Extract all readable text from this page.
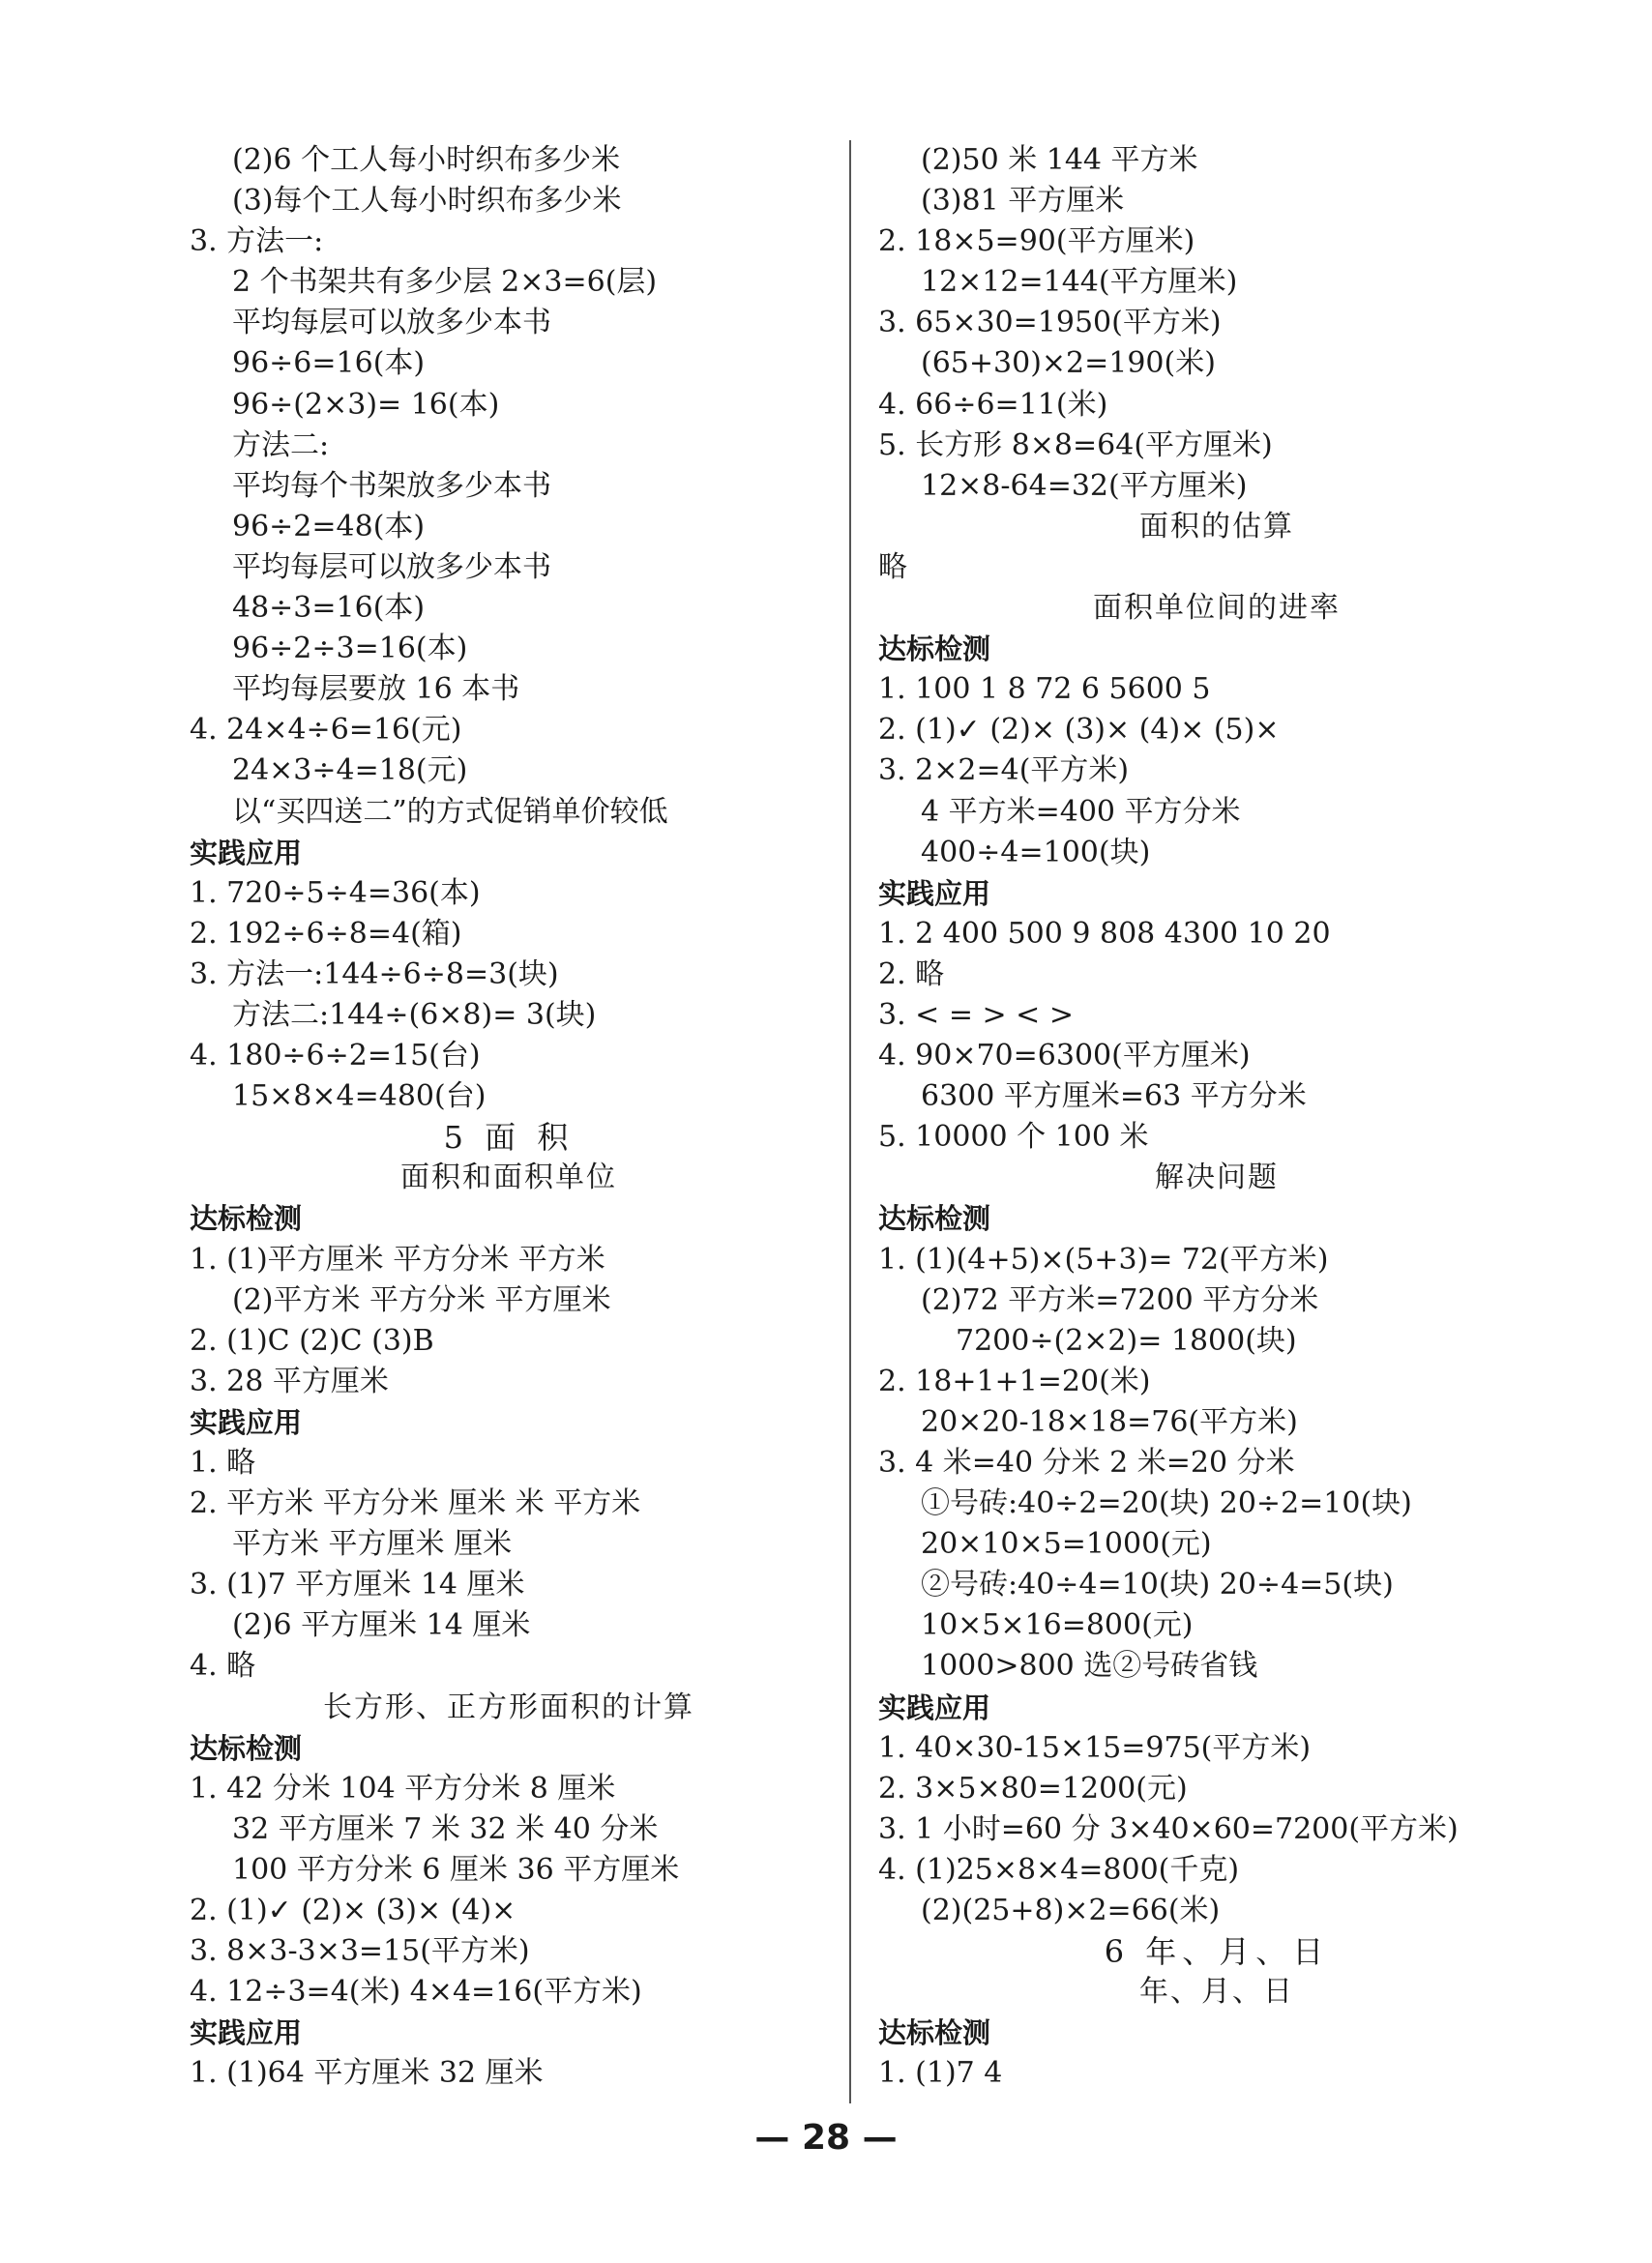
(2)6 个工人每小时织布多少米
(3)每个工人每小时织布多少米
3. 方法一:
2 个书架共有多少层 2×3=6(层)
平均每层可以放多少本书
96÷6=16(本)
96÷(2×3)= 16(本)
方法二:
平均每个书架放多少本书
96÷2=48(本)
平均每层可以放多少本书
48÷3=16(本)
96÷2÷3=16(本)
平均每层要放 16 本书
4. 24×4÷6=16(元)
24×3÷4=18(元)
以“买四送二”的方式促销单价较低
实践应用
1. 720÷5÷4=36(本)
2. 192÷6÷8=4(箱)
3. 方法一:144÷6÷8=3(块)
方法二:144÷(6×8)= 3(块)
4. 180÷6÷2=15(台)
15×8×4=480(台)
5 面 积
面积和面积单位
达标检测
1. (1)平方厘米 平方分米 平方米
(2)平方米 平方分米 平方厘米
2. (1)C (2)C (3)B
3. 28 平方厘米
实践应用
1. 略
2. 平方米 平方分米 厘米 米 平方米
平方米 平方厘米 厘米
3. (1)7 平方厘米 14 厘米
(2)6 平方厘米 14 厘米
4. 略
长方形、正方形面积的计算
达标检测
1. 42 分米 104 平方分米 8 厘米
32 平方厘米 7 米 32 米 40 分米
100 平方分米 6 厘米 36 平方厘米
2. (1)✓ (2)× (3)× (4)×
3. 8×3-3×3=15(平方米)
4. 12÷3=4(米) 4×4=16(平方米)
实践应用
1. (1)64 平方厘米 32 厘米
(2)50 米 144 平方米
(3)81 平方厘米
2. 18×5=90(平方厘米)
12×12=144(平方厘米)
3. 65×30=1950(平方米)
(65+30)×2=190(米)
4. 66÷6=11(米)
5. 长方形 8×8=64(平方厘米)
12×8-64=32(平方厘米)
面积的估算
略
面积单位间的进率
达标检测
1. 100 1 8 72 6 5600 5
2. (1)✓ (2)× (3)× (4)× (5)×
3. 2×2=4(平方米)
4 平方米=400 平方分米
400÷4=100(块)
实践应用
1. 2 400 500 9 808 4300 10 20
2. 略
3. < = > < >
4. 90×70=6300(平方厘米)
6300 平方厘米=63 平方分米
5. 10000 个 100 米
解决问题
达标检测
1. (1)(4+5)×(5+3)= 72(平方米)
(2)72 平方米=7200 平方分米
7200÷(2×2)= 1800(块)
2. 18+1+1=20(米)
20×20-18×18=76(平方米)
3. 4 米=40 分米 2 米=20 分米
①号砖:40÷2=20(块) 20÷2=10(块)
20×10×5=1000(元)
②号砖:40÷4=10(块) 20÷4=5(块)
10×5×16=800(元)
1000>800 选②号砖省钱
实践应用
1. 40×30-15×15=975(平方米)
2. 3×5×80=1200(元)
3. 1 小时=60 分 3×40×60=7200(平方米)
4. (1)25×8×4=800(千克)
(2)(25+8)×2=66(米)
6 年、月、日
年、月、日
达标检测
1. (1)7 4
— 28 —
